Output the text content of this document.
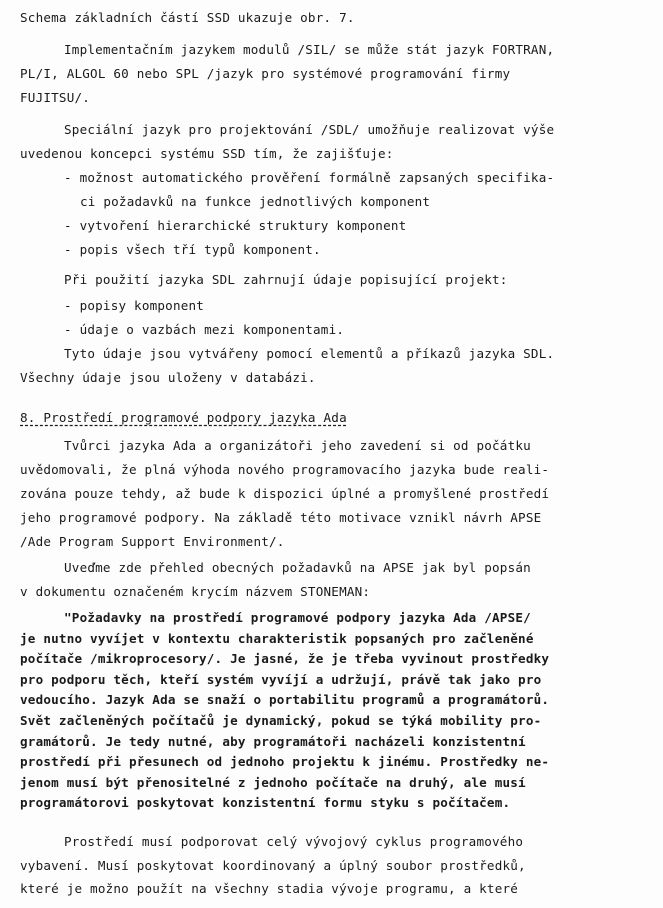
Schema základních částí SSD ukazuje obr. 7.
Implementačním jazykem modulů /SIL/ se může stát jazyk FORTRAN,
PL/I, ALGOL 60 nebo SPL /jazyk pro systémové programování firmy
FUJITSU/.
Speciální jazyk pro projektování /SDL/ umožňuje realizovat výše
uvedenou koncepci systému SSD tím, že zajišťuje:
- možnost automatického prověření formálně zapsaných specifika-
ci požadavků na funkce jednotlivých komponent
- vytvoření hierarchické struktury komponent
- popis všech tří typů komponent.
Při použití jazyka SDL zahrnují údaje popisující projekt:
- popisy komponent
- údaje o vazbách mezi komponentami.
Tyto údaje jsou vytvářeny pomocí elementů a příkazů jazyka SDL.
Všechny údaje jsou uloženy v databázi.
8. Prostředí programové podpory jazyka Ada
Tvůrci jazyka Ada a organizátoři jeho zavedení si od počátku
uvědomovali, že plná výhoda nového programovacího jazyka bude reali-
zována pouze tehdy, až bude k dispozici úplné a promyšlené prostředí
jeho programové podpory. Na základě této motivace vznikl návrh APSE
/Ade Program Support Environment/.
Uveďme zde přehled obecných požadavků na APSE jak byl popsán
v dokumentu označeném krycím názvem STONEMAN:
"Požadavky na prostředí programové podpory jazyka Ada /APSE/
je nutno vyvíjet v kontextu charakteristik popsaných pro začleněné
počítače /mikroprocesory/. Je jasné, že je třeba vyvinout prostředky
pro podporu těch, kteří systém vyvíjí a udržují, právě tak jako pro
vedoucího. Jazyk Ada se snaží o portabilitu programů a programátorů.
Svět začleněných počítačů je dynamický, pokud se týká mobility pro-
gramátorů. Je tedy nutné, aby programátoři nacházeli konzistentní
prostředí při přesunech od jednoho projektu k jinému. Prostředky ne-
jenom musí být přenositelné z jednoho počítače na druhý, ale musí
programátorovi poskytovat konzistentní formu styku s počítačem.
Prostředí musí podporovat celý vývojový cyklus programového
vybavení. Musí poskytovat koordinovaný a úplný soubor prostředků,
které je možno použít na všechny stadia vývoje programu, a které
